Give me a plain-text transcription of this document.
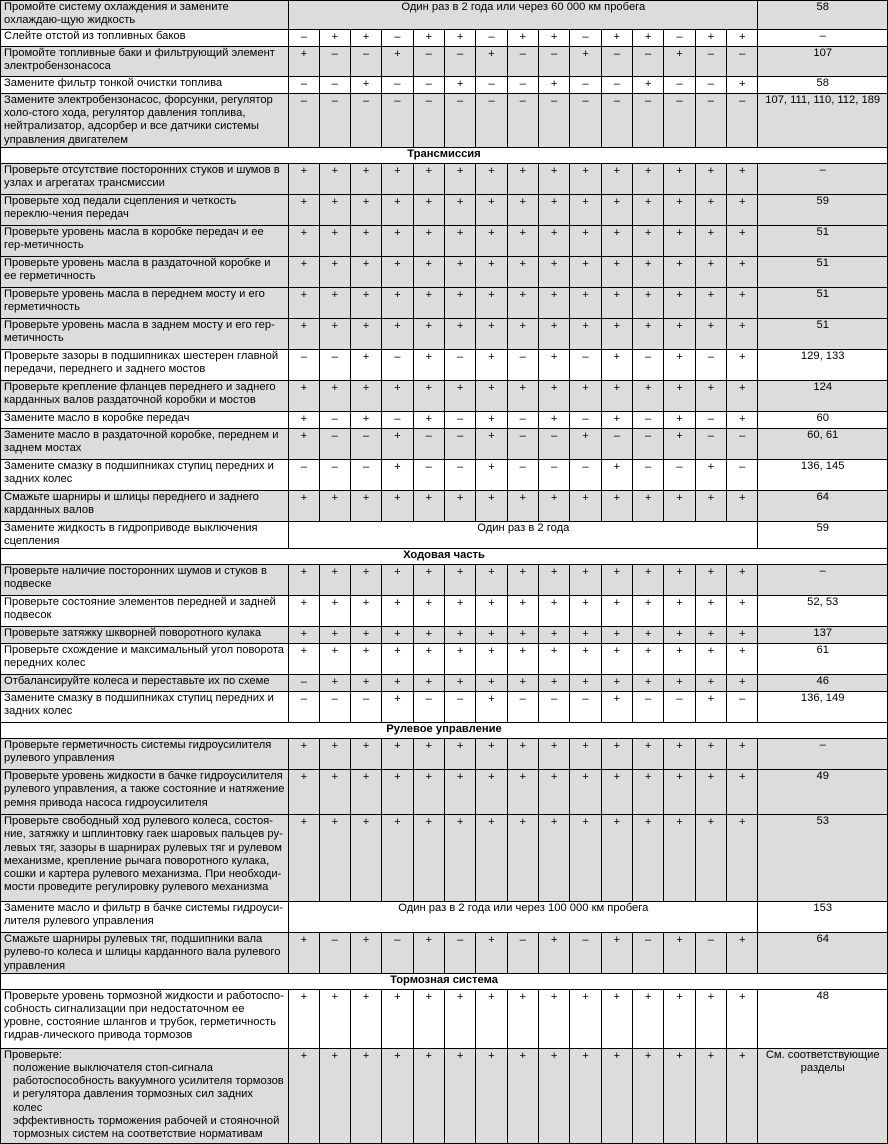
Промойте систему охлаждения и замените охлаждаю-щую жидкость	Один раз в 2 года или через 60 000 км пробега															58
Слейте отстой из топливных баков	–	+	+	–	+	+	–	+	+	–	+	+	–	+	+	–
Промойте топливные баки и фильтрующий элемент электробензонасоса	+	–	–	+	–	–	+	–	–	+	–	–	+	–	–	107
Замените фильтр тонкой очистки топлива	–	–	+	–	–	+	–	–	+	–	–	+	–	–	+	58
Замените электробензонасос, форсунки, регулятор холо-стого хода, регулятор давления топлива, нейтрализатор, адсорбер и все датчики системы управления двигателем	–	–	–	–	–	–	–	–	–	–	–	–	–	–	–	107, 111, 110, 112, 189
Трансмиссия																
Проверьте отсутствие посторонних стуков и шумов в узлах и агрегатах трансмиссии	+	+	+	+	+	+	+	+	+	+	+	+	+	+	+	–
Проверьте ход педали сцепления и четкость переклю-чения передач	+	+	+	+	+	+	+	+	+	+	+	+	+	+	+	59
Проверьте уровень масла в коробке передач и ее гер-метичность	+	+	+	+	+	+	+	+	+	+	+	+	+	+	+	51
Проверьте уровень масла в раздаточной коробке и ее герметичность	+	+	+	+	+	+	+	+	+	+	+	+	+	+	+	51
Проверьте уровень масла в переднем мосту и его герметичность	+	+	+	+	+	+	+	+	+	+	+	+	+	+	+	51
Проверьте уровень масла в заднем мосту и его гер-метичность	+	+	+	+	+	+	+	+	+	+	+	+	+	+	+	51
Проверьте зазоры в подшипниках шестерен главной передачи, переднего и заднего мостов	–	–	+	–	+	–	+	–	+	–	+	–	+	–	+	129, 133
Проверьте крепление фланцев переднего и заднего карданных валов раздаточной коробки и мостов	+	+	+	+	+	+	+	+	+	+	+	+	+	+	+	124
Замените масло в коробке передач	+	–	+	–	+	–	+	–	+	–	+	–	+	–	+	60
Замените масло в раздаточной коробке, переднем и заднем мостах	+	–	–	+	–	–	+	–	–	+	–	–	+	–	–	60, 61
Замените смазку в подшипниках ступиц передних и задних колес	–	–	–	+	–	–	+	–	–	–	+	–	–	+	–	136, 145
Смажьте шарниры и шлицы переднего и заднего карданных валов	+	+	+	+	+	+	+	+	+	+	+	+	+	+	+	64
Замените жидкость в гидроприводе выключения сцепления	Один раз в 2 года															59
Ходовая часть																
Проверьте наличие посторонних шумов и стуков в подвеске	+	+	+	+	+	+	+	+	+	+	+	+	+	+	+	–
Проверьте состояние элементов передней и задней подвесок	+	+	+	+	+	+	+	+	+	+	+	+	+	+	+	52, 53
Проверьте затяжку шкворней поворотного кулака	+	+	+	+	+	+	+	+	+	+	+	+	+	+	+	137
Проверьте схождение и максимальный угол поворота передних колес	+	+	+	+	+	+	+	+	+	+	+	+	+	+	+	61
Отбалансируйте колеса и переставьте их по схеме	–	+	+	+	+	+	+	+	+	+	+	+	+	+	+	46
Замените смазку в подшипниках ступиц передних и задних колес	–	–	–	+	–	–	+	–	–	–	+	–	–	+	–	136, 149
Рулевое управление																
Проверьте герметичность системы гидроусилителя рулевого управления	+	+	+	+	+	+	+	+	+	+	+	+	+	+	+	–
Проверьте уровень жидкости в бачке гидроусилителя рулевого управления, а также состояние и натяжение ремня привода насоса гидроусилителя	+	+	+	+	+	+	+	+	+	+	+	+	+	+	+	49
Проверьте свободный ход рулевого колеса, состоя-ние, затяжку и шплинтовку гаек шаровых пальцев ру-левых тяг, зазоры в шарнирах рулевых тяг и рулевом механизме, крепление рычага поворотного кулака, сошки и картера рулевого механизма. При необходи-мости проведите регулировку рулевого механизма	+	+	+	+	+	+	+	+	+	+	+	+	+	+	+	53
Замените масло и фильтр в бачке системы гидроуси-лителя рулевого управления	Один раз в 2 года или через 100 000 км пробега															153
Смажьте шарниры рулевых тяг, подшипники вала рулево-го колеса и шлицы карданного вала рулевого управления	+	–	+	–	+	–	+	–	+	–	+	–	+	–	+	64
Тормозная система																
Проверьте уровень тормозной жидкости и работоспо-собность сигнализации при недостаточном ее уровне, состояние шлангов и трубок, герметичность гидрав-лического привода тормозов	+	+	+	+	+	+	+	+	+	+	+	+	+	+	+	48
Проверьте:
положение выключателя стоп-сигнала
работоспособность вакуумного усилителя тормозов и регулятора давления тормозных сил задних колес
эффективность торможения рабочей и стояночной тормозных систем на соответствие нормативам	+	+	+	+	+	+	+	+	+	+	+	+	+	+	+	См. соответствующие разделы
